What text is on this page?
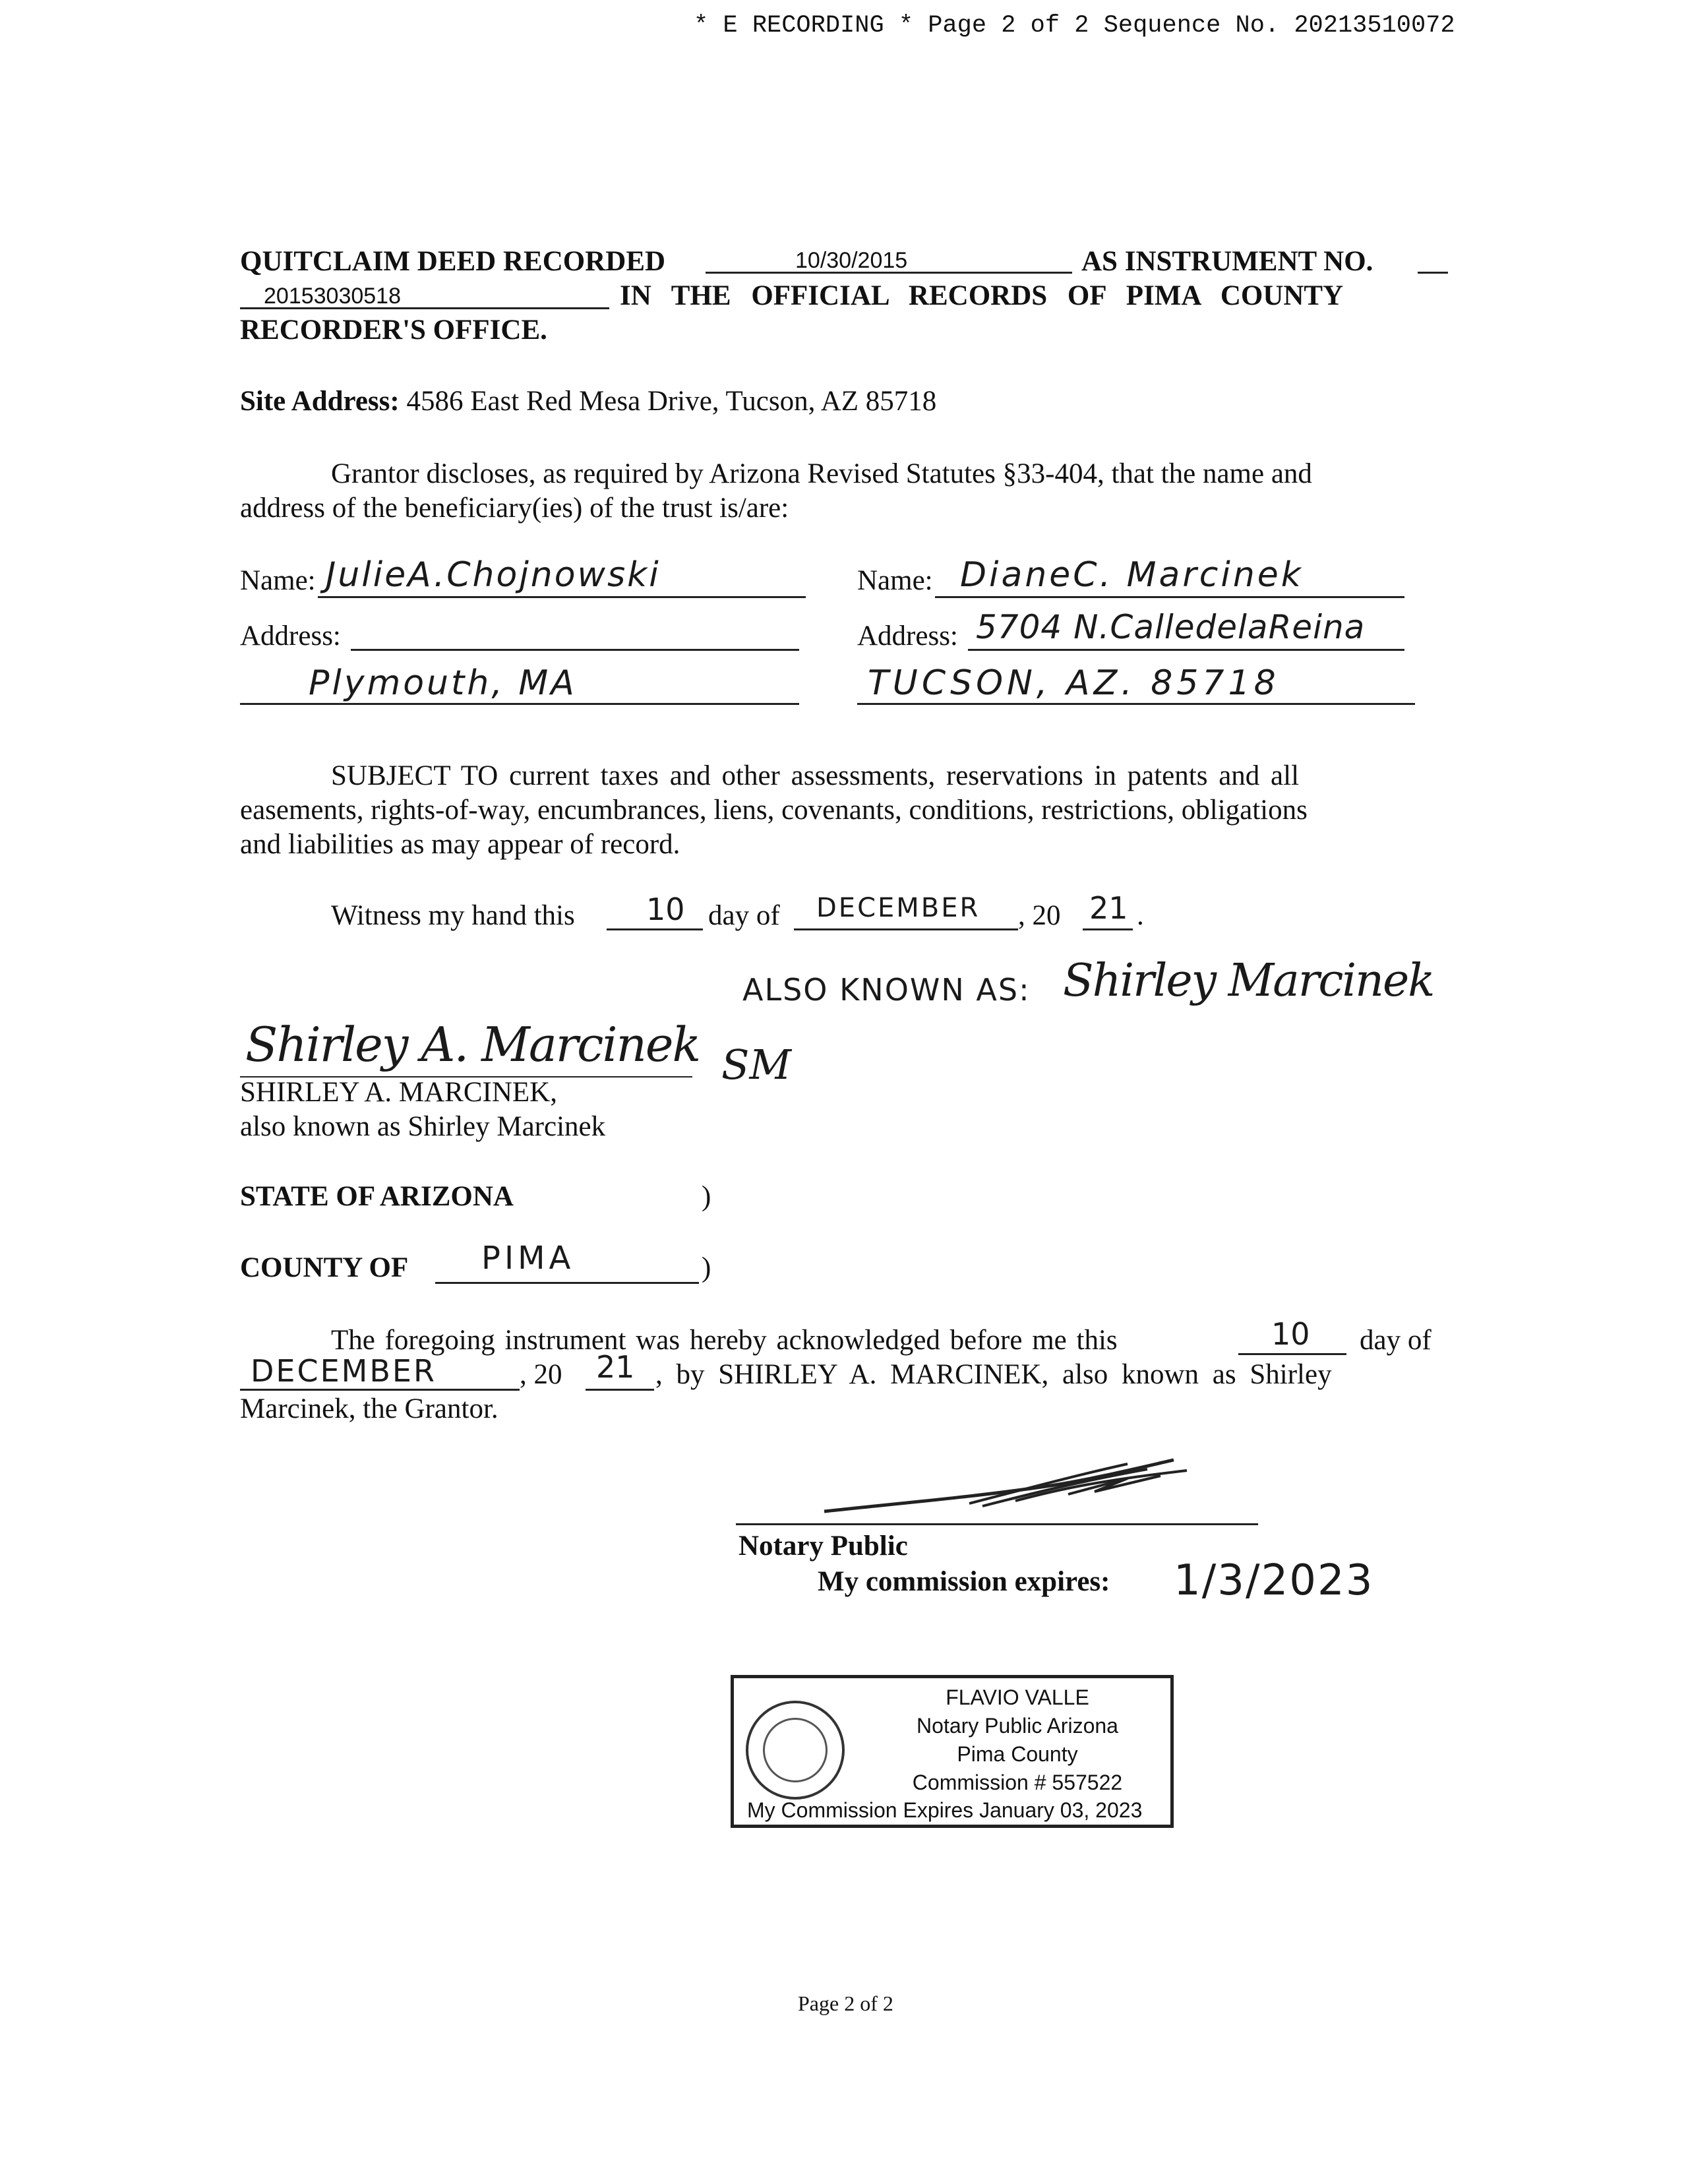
* E RECORDING * Page 2 of 2 Sequence No. 20213510072
QUITCLAIM DEED RECORDED	10/30/2015	AS INSTRUMENT NO.
20153030518	IN THE OFFICIAL RECORDS OF PIMA COUNTY
RECORDER'S OFFICE.
Site Address: 4586 East Red Mesa Drive, Tucson, AZ 85718
Grantor discloses, as required by Arizona Revised Statutes §33-404, that the name and
address of the beneficiary(ies) of the trust is/are:
Name: JulieA.Chojnowski	Name: DianeC. Marcinek
Address:	Address: 5704 N.CalledelaReina
Plymouth, MA	TUCSON, AZ. 85718
SUBJECT TO current taxes and other assessments, reservations in patents and all
easements, rights-of-way, encumbrances, liens, covenants, conditions, restrictions, obligations
and liabilities as may appear of record.
Witness my hand this 10 day of DECEMBER , 20 21 .
ALSO KNOWN AS: Shirley Marcinek
Shirley A. Marcinek SM
SHIRLEY A. MARCINEK,
also known as Shirley Marcinek
STATE OF ARIZONA	)
COUNTY OF PIMA	)
The foregoing instrument was hereby acknowledged before me this	10 day of
DECEMBER	, 20 21 , by SHIRLEY A. MARCINEK, also known as Shirley
Marcinek, the Grantor.
Notary Public
My commission expires: 1/3/2023
FLAVIO VALLE
Notary Public Arizona
Pima County
Commission # 557522
My Commission Expires January 03, 2023
Page 2 of 2
